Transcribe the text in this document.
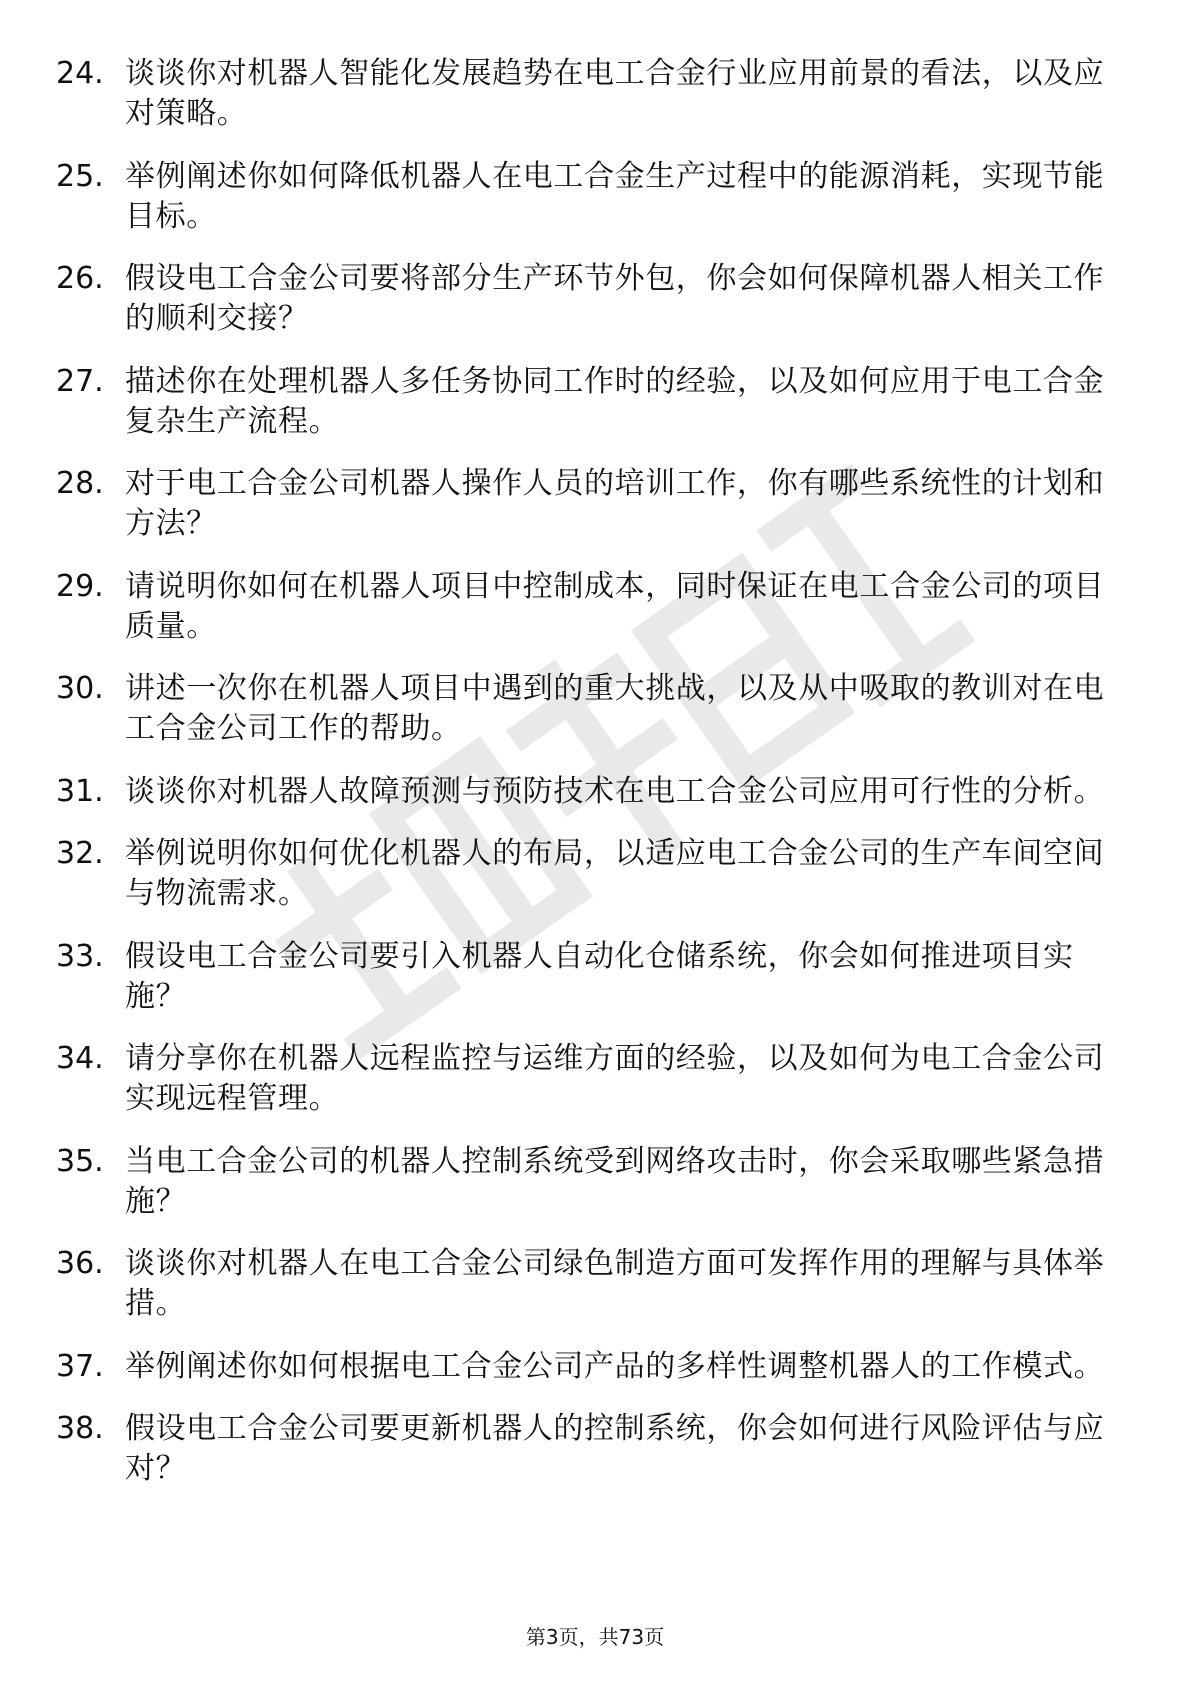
24. 谈谈你对机器人智能化发展趋势在电工合金行业应用前景的看法，以及应对策略。
25. 举例阐述你如何降低机器人在电工合金生产过程中的能源消耗，实现节能目标。
26. 假设电工合金公司要将部分生产环节外包，你会如何保障机器人相关工作的顺利交接？
27. 描述你在处理机器人多任务协同工作时的经验，以及如何应用于电工合金复杂生产流程。
28. 对于电工合金公司机器人操作人员的培训工作，你有哪些系统性的计划和方法？
29. 请说明你如何在机器人项目中控制成本，同时保证在电工合金公司的项目质量。
30. 讲述一次你在机器人项目中遇到的重大挑战，以及从中吸取的教训对在电工合金公司工作的帮助。
31. 谈谈你对机器人故障预测与预防技术在电工合金公司应用可行性的分析。
32. 举例说明你如何优化机器人的布局，以适应电工合金公司的生产车间空间与物流需求。
33. 假设电工合金公司要引入机器人自动化仓储系统，你会如何推进项目实施？
34. 请分享你在机器人远程监控与运维方面的经验，以及如何为电工合金公司实现远程管理。
35. 当电工合金公司的机器人控制系统受到网络攻击时，你会采取哪些紧急措施？
36. 谈谈你对机器人在电工合金公司绿色制造方面可发挥作用的理解与具体举措。
37. 举例阐述你如何根据电工合金公司产品的多样性调整机器人的工作模式。
38. 假设电工合金公司要更新机器人的控制系统，你会如何进行风险评估与应对？
第3页，共73页
